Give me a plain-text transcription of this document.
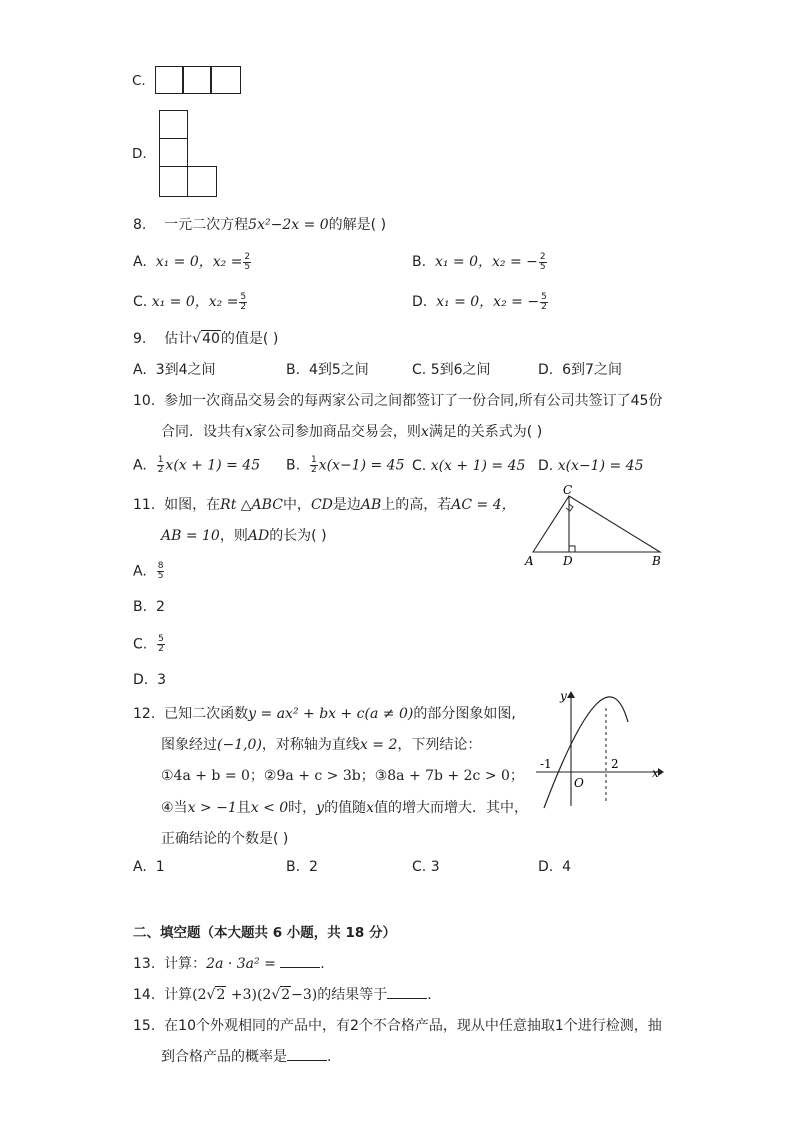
C.
D.
8. 一元二次方程5x²−2x = 0的解是( )
A. x₁ = 0，$x_2 = \frac{2}{5}$	B. x₁ = 0，x₂ = − $\frac{2}{5}$
C. x₁ = 0，$x_2 = \frac{5}{2}$	D. x₁ = 0，x₂ = − $\frac{5}{2}$
9. 估计√40的值是( )
A. 3到4之间	B. 4到5之间	C. 5到6之间	D. 6到7之间
10. 参加一次商品交易会的每两家公司之间都签订了一份合同,所有公司共签订了45份
合同．设共有x家公司参加商品交易会，则x满足的关系式为( )
A. $\frac{1}{2} x(x + 1) = 45$ B. $\frac{1}{2} x(x-1) = 45$ C. x(x + 1) = 45 D. x(x−1) = 45
11. 如图，在Rt △ABC中，CD是边AB上的高，若AC = 4，
AB = 10，则AD的长为( )
C
A D	B
A. $\frac{8}{5}$
B. 2
C. $\frac{5}{2}$
D. 3
12. 已知二次函数y = ax² + bx + c(a ≠ 0)的部分图象如图,
图象经过(−1,0)，对称轴为直线x = 2，下列结论：
①4a + b = 0；②9a + c > 3b；③8a + 7b + 2c > 0；
④当x > −1且x < 0时，y的值随x值的增大而增大．其中，
正确结论的个数是( )
y
x
O
-1	2
A. 1	B. 2	C. 3	D. 4
二、填空题（本大题共 6 小题，共 18 分）
13. 计算：2a · 3a² =	.
14. 计算(2√2 +3)(2√2−3)的结果等于	.
15. 在10个外观相同的产品中，有2个不合格产品，现从中任意抽取1个进行检测，抽
到合格产品的概率是	.
